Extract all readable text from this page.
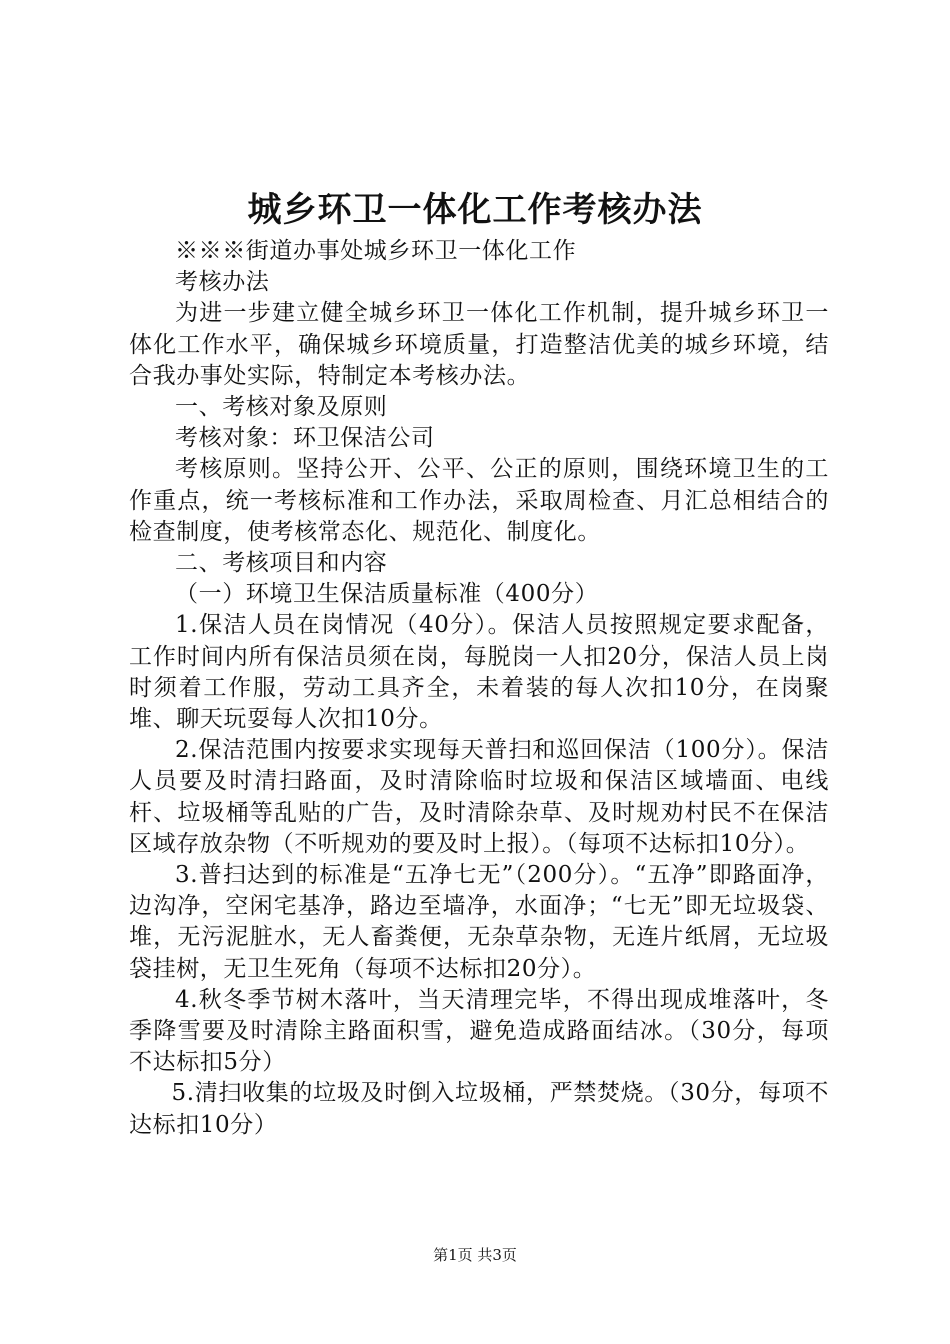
城乡环卫一体化工作考核办法

※※※街道办事处城乡环卫一体化工作

考核办法

为进一步建立健全城乡环卫一体化工作机制，提升城乡环卫一体化工作水平，确保城乡环境质量，打造整洁优美的城乡环境，结合我办事处实际，特制定本考核办法。

一、考核对象及原则

考核对象：环卫保洁公司

考核原则。坚持公开、公平、公正的原则，围绕环境卫生的工作重点，统一考核标准和工作办法，采取周检查、月汇总相结合的检查制度，使考核常态化、规范化、制度化。

二、考核项目和内容

（一）环境卫生保洁质量标准（400分）

1.保洁人员在岗情况（40分）。保洁人员按照规定要求配备，工作时间内所有保洁员须在岗，每脱岗一人扣20分，保洁人员上岗时须着工作服，劳动工具齐全，未着装的每人次扣10分，在岗聚堆、聊天玩耍每人次扣10分。

2.保洁范围内按要求实现每天普扫和巡回保洁（100分）。保洁人员要及时清扫路面，及时清除临时垃圾和保洁区域墙面、电线杆、垃圾桶等乱贴的广告，及时清除杂草、及时规劝村民不在保洁区域存放杂物（不听规劝的要及时上报）。（每项不达标扣10分）。

3.普扫达到的标准是“五净七无”（200分）。“五净”即路面净，边沟净，空闲宅基净，路边至墙净，水面净；“七无”即无垃圾袋、堆，无污泥脏水，无人畜粪便，无杂草杂物，无连片纸屑，无垃圾袋挂树，无卫生死角（每项不达标扣20分）。

4.秋冬季节树木落叶，当天清理完毕，不得出现成堆落叶，冬季降雪要及时清除主路面积雪，避免造成路面结冰。（30分，每项不达标扣5分）

5.清扫收集的垃圾及时倒入垃圾桶，严禁焚烧。（30分，每项不达标扣10分）

第1页 共3页
